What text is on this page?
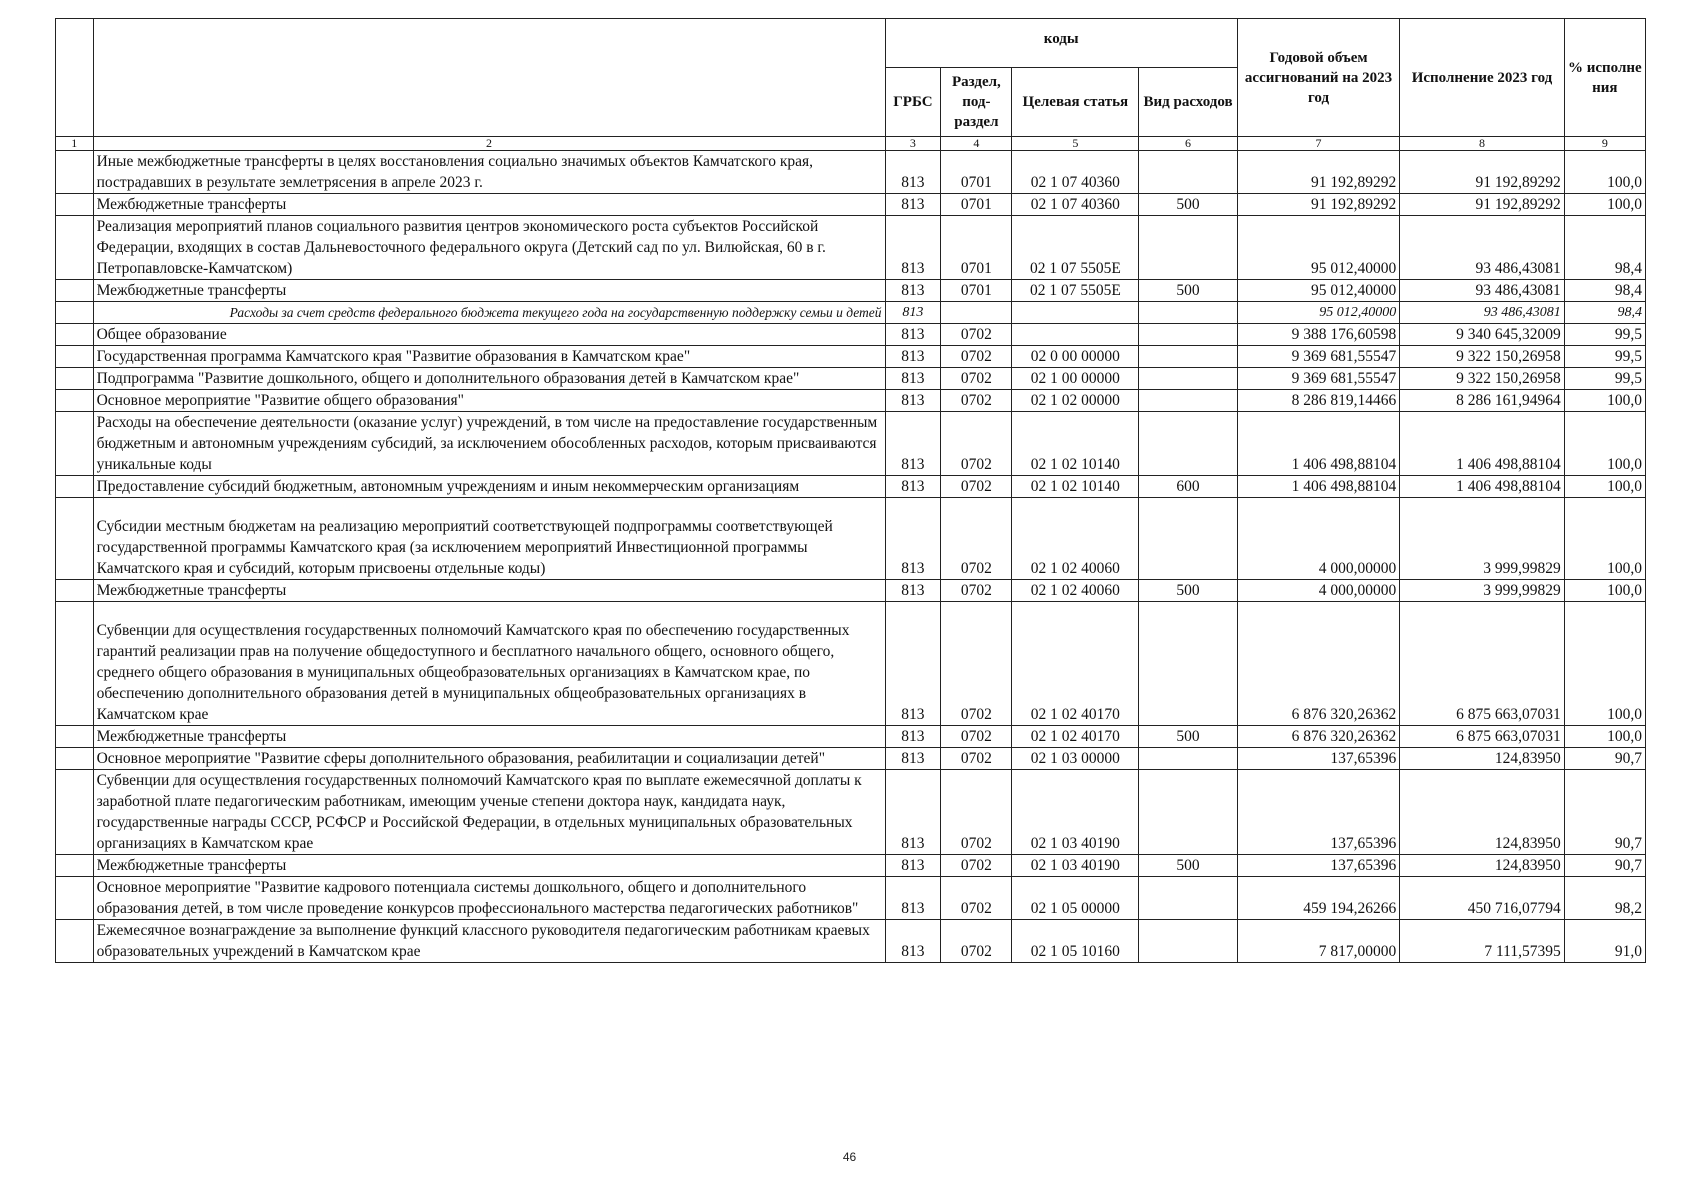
		коды				Годовой объем ассигнований на 2023 год	Исполнение 2023 год	% исполне ния
		ГРБС	Раздел, под-раздел	Целевая статья	Вид расходов			
1	2	3	4	5	6	7	8	9
	Иные межбюджетные трансферты в целях восстановления социально значимых объектов Камчатского края, пострадавших в результате землетрясения в апреле 2023 г.	813	0701	02 1 07 40360		91 192,89292	91 192,89292	100,0
	Межбюджетные трансферты	813	0701	02 1 07 40360	500	91 192,89292	91 192,89292	100,0
	Реализация мероприятий планов социального развития центров экономического роста субъектов Российской Федерации, входящих в состав Дальневосточного федерального округа (Детский сад по ул. Вилюйская, 60 в г. Петропавловске-Камчатском)	813	0701	02 1 07 5505Е		95 012,40000	93 486,43081	98,4
	Межбюджетные трансферты	813	0701	02 1 07 5505Е	500	95 012,40000	93 486,43081	98,4
	Расходы за счет средств федерального бюджета текущего года на государственную поддержку семьи и детей	813				95 012,40000	93 486,43081	98,4
	Общее образование	813	0702			9 388 176,60598	9 340 645,32009	99,5
	Государственная программа Камчатского края "Развитие образования в Камчатском крае"	813	0702	02 0 00 00000		9 369 681,55547	9 322 150,26958	99,5
	Подпрограмма "Развитие дошкольного, общего и дополнительного образования детей в Камчатском крае"	813	0702	02 1 00 00000		9 369 681,55547	9 322 150,26958	99,5
	Основное мероприятие "Развитие общего образования"	813	0702	02 1 02 00000		8 286 819,14466	8 286 161,94964	100,0
	Расходы на обеспечение деятельности (оказание услуг) учреждений, в том числе на предоставление государственным бюджетным и автономным учреждениям субсидий, за исключением обособленных расходов, которым присваиваются уникальные коды	813	0702	02 1 02 10140		1 406 498,88104	1 406 498,88104	100,0
	Предоставление субсидий бюджетным, автономным учреждениям и иным некоммерческим организациям	813	0702	02 1 02 10140	600	1 406 498,88104	1 406 498,88104	100,0
	Субсидии местным бюджетам на реализацию мероприятий соответствующей подпрограммы соответствующей государственной программы Камчатского края (за исключением мероприятий Инвестиционной программы Камчатского края и субсидий, которым присвоены отдельные коды)	813	0702	02 1 02 40060		4 000,00000	3 999,99829	100,0
	Межбюджетные трансферты	813	0702	02 1 02 40060	500	4 000,00000	3 999,99829	100,0
	Субвенции для осуществления государственных полномочий Камчатского края по обеспечению государственных гарантий реализации прав на получение общедоступного и бесплатного начального общего, основного общего, среднего общего образования в муниципальных общеобразовательных организациях в Камчатском крае, по обеспечению дополнительного образования детей в муниципальных общеобразовательных организациях в Камчатском крае	813	0702	02 1 02 40170		6 876 320,26362	6 875 663,07031	100,0
	Межбюджетные трансферты	813	0702	02 1 02 40170	500	6 876 320,26362	6 875 663,07031	100,0
	Основное мероприятие "Развитие сферы дополнительного образования, реабилитации и социализации детей"	813	0702	02 1 03 00000		137,65396	124,83950	90,7
	Субвенции для осуществления государственных полномочий Камчатского края по выплате ежемесячной доплаты к заработной плате педагогическим работникам, имеющим ученые степени доктора наук, кандидата наук, государственные награды СССР, РСФСР и Российской Федерации, в отдельных муниципальных образовательных организациях в Камчатском крае	813	0702	02 1 03 40190		137,65396	124,83950	90,7
	Межбюджетные трансферты	813	0702	02 1 03 40190	500	137,65396	124,83950	90,7
	Основное мероприятие "Развитие кадрового потенциала системы дошкольного, общего и дополнительного образования детей, в том числе проведение конкурсов профессионального мастерства педагогических работников"	813	0702	02 1 05 00000		459 194,26266	450 716,07794	98,2
	Ежемесячное вознаграждение за выполнение функций классного руководителя педагогическим работникам краевых образовательных учреждений в Камчатском крае	813	0702	02 1 05 10160		7 817,00000	7 111,57395	91,0
46
